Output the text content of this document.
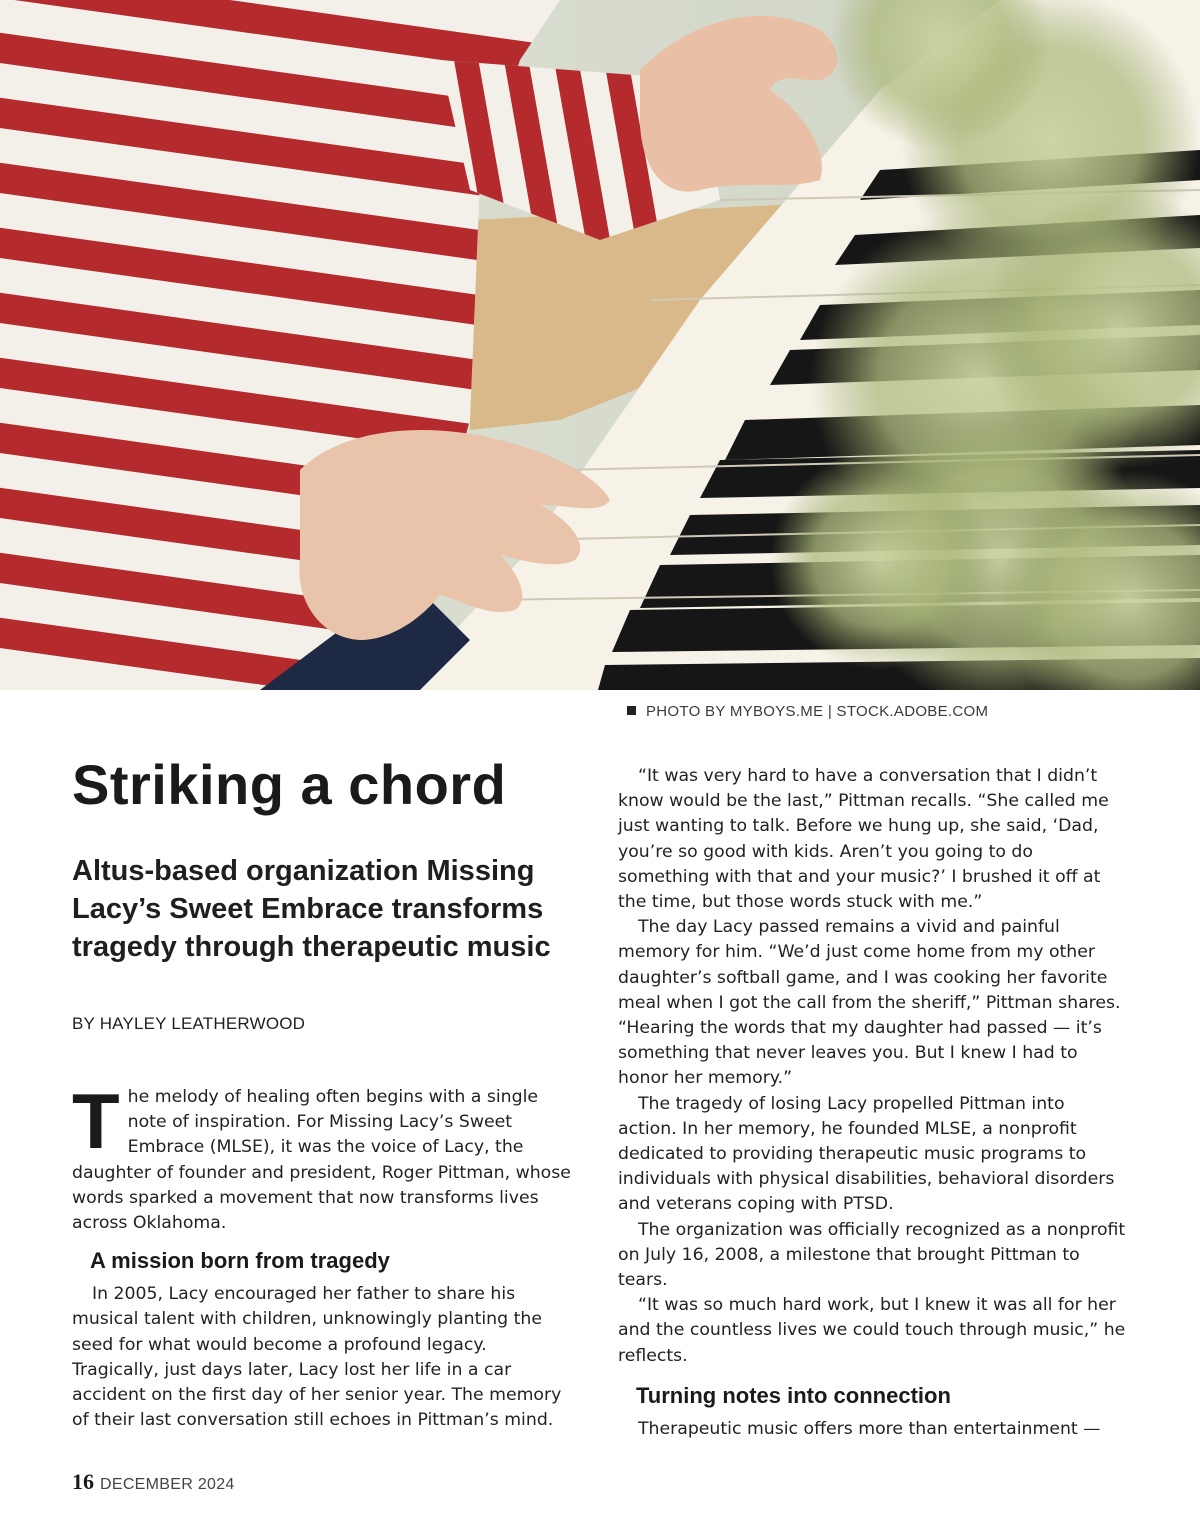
PHOTO BY MYBOYS.ME | STOCK.ADOBE.COM
Striking a chord
Altus-based organization Missing Lacy’s Sweet Embrace transforms tragedy through therapeutic music
BY HAYLEY LEATHERWOOD

The melody of healing often begins with a single note of inspiration. For Missing Lacy’s Sweet Embrace (MLSE), it was the voice of Lacy, the daughter of founder and president, Roger Pittman, whose words sparked a movement that now transforms lives across Oklahoma.

A mission born from tragedy

In 2005, Lacy encouraged her father to share his musical talent with children, unknowingly planting the seed for what would become a profound legacy. Tragically, just days later, Lacy lost her life in a car accident on the first day of her senior year. The memory of their last conversation still echoes in Pittman’s mind.

“It was very hard to have a conversation that I didn’t know would be the last,” Pittman recalls. “She called me just wanting to talk. Before we hung up, she said, ‘Dad, you’re so good with kids. Aren’t you going to do something with that and your music?’ I brushed it off at the time, but those words stuck with me.”

The day Lacy passed remains a vivid and painful memory for him. “We’d just come home from my other daughter’s softball game, and I was cooking her favorite meal when I got the call from the sheriff,” Pittman shares. “Hearing the words that my daughter had passed — it’s something that never leaves you. But I knew I had to honor her memory.”

The tragedy of losing Lacy propelled Pittman into action. In her memory, he founded MLSE, a nonprofit dedicated to providing therapeutic music programs to individuals with physical disabilities, behavioral disorders and veterans coping with PTSD.

The organization was officially recognized as a nonprofit on July 16, 2008, a milestone that brought Pittman to tears.

“It was so much hard work, but I knew it was all for her and the countless lives we could touch through music,” he reflects.

Turning notes into connection

Therapeutic music offers more than entertainment —

16 DECEMBER 2024
